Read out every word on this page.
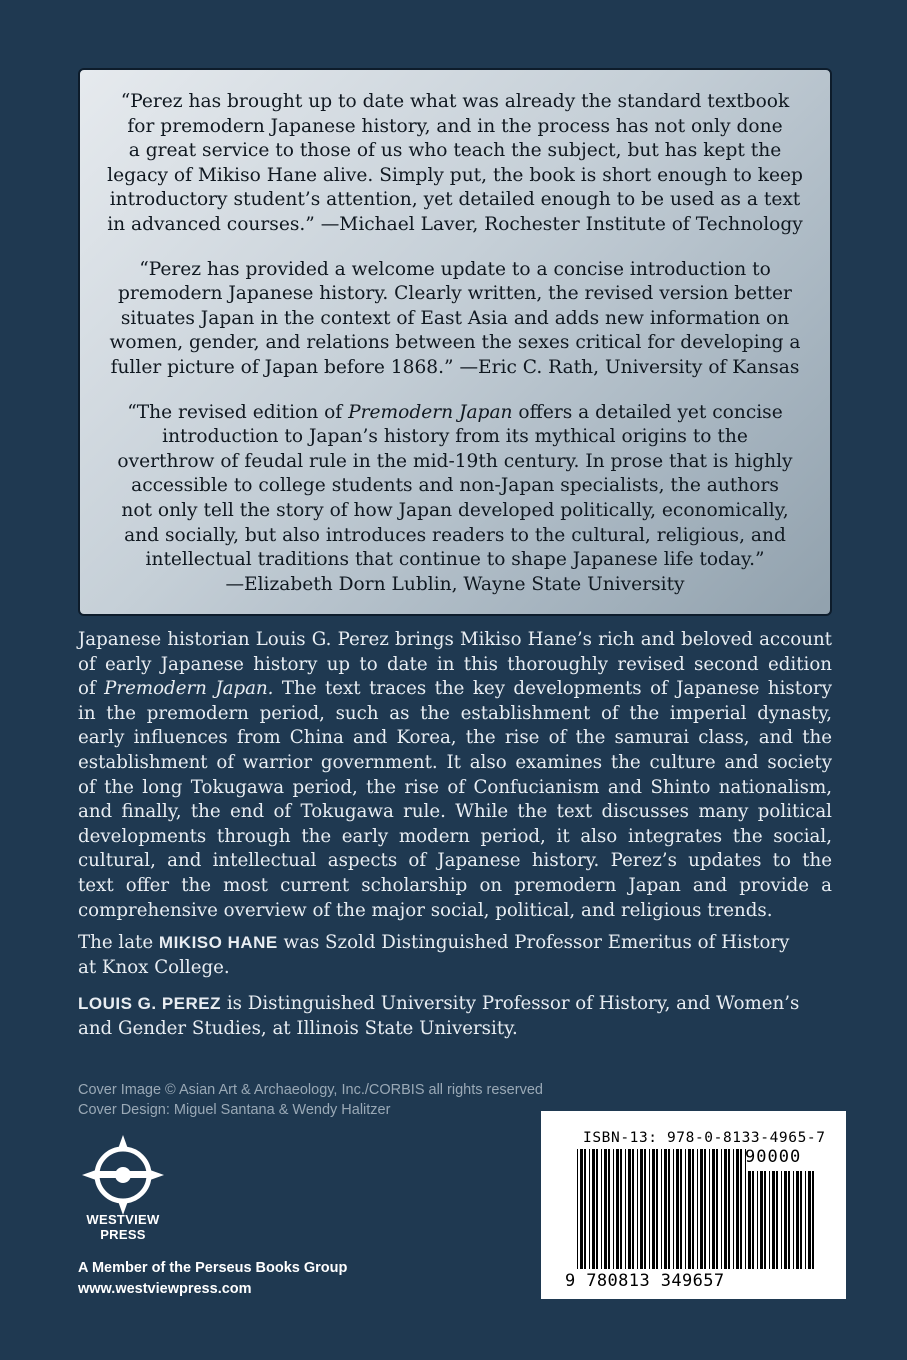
“Perez has brought up to date what was already the standard textbook
for premodern Japanese history, and in the process has not only done
a great service to those of us who teach the subject, but has kept the
legacy of Mikiso Hane alive. Simply put, the book is short enough to keep
introductory student’s attention, yet detailed enough to be used as a text
in advanced courses.” —Michael Laver, Rochester Institute of Technology
“Perez has provided a welcome update to a concise introduction to
premodern Japanese history. Clearly written, the revised version better
situates Japan in the context of East Asia and adds new information on
women, gender, and relations between the sexes critical for developing a
fuller picture of Japan before 1868.” —Eric C. Rath, University of Kansas
“The revised edition of Premodern Japan offers a detailed yet concise
introduction to Japan’s history from its mythical origins to the
overthrow of feudal rule in the mid-19th century. In prose that is highly
accessible to college students and non-Japan specialists, the authors
not only tell the story of how Japan developed politically, economically,
and socially, but also introduces readers to the cultural, religious, and
intellectual traditions that continue to shape Japanese life today.”
—Elizabeth Dorn Lublin, Wayne State University
Japanese historian Louis G. Perez brings Mikiso Hane’s rich and beloved account
of early Japanese history up to date in this thoroughly revised second edition
of Premodern Japan. The text traces the key developments of Japanese history
in the premodern period, such as the establishment of the imperial dynasty,
early influences from China and Korea, the rise of the samurai class, and the
establishment of warrior government. It also examines the culture and society
of the long Tokugawa period, the rise of Confucianism and Shinto nationalism,
and finally, the end of Tokugawa rule. While the text discusses many political
developments through the early modern period, it also integrates the social,
cultural, and intellectual aspects of Japanese history. Perez’s updates to the
text offer the most current scholarship on premodern Japan and provide a
comprehensive overview of the major social, political, and religious trends.
The late MIKISO HANE was Szold Distinguished Professor Emeritus of History
at Knox College.
LOUIS G. PEREZ is Distinguished University Professor of History, and Women’s
and Gender Studies, at Illinois State University.
Cover Image © Asian Art & Archaeology, Inc./CORBIS all rights reserved
Cover Design: Miguel Santana & Wendy Halitzer
WESTVIEW
PRESS
A Member of the Perseus Books Group
www.westviewpress.com
ISBN-13: 978-0-8133-4965-7
90000
9 780813 349657
